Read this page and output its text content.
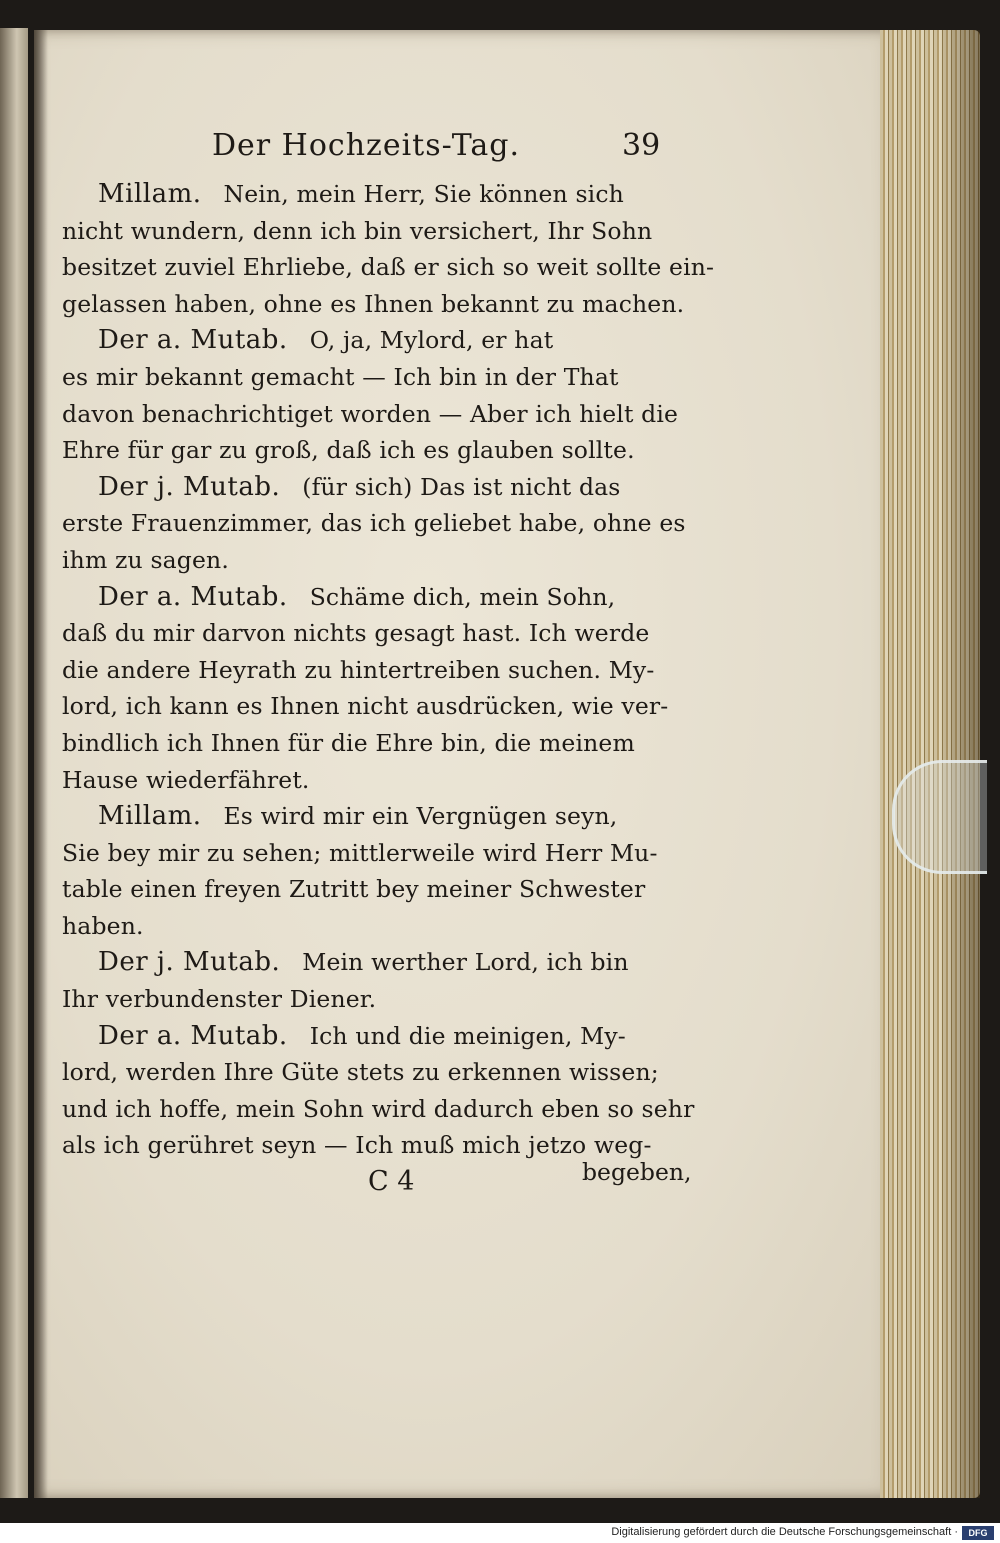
Der Hochzeits-Tag.	39

Millam. Nein, mein Herr, Sie können sich
nicht wundern, denn ich bin versichert, Ihr Sohn
besitzet zuviel Ehrliebe, daß er sich so weit sollte ein-
gelassen haben, ohne es Ihnen bekannt zu machen.

Der a. Mutab. O, ja, Mylord, er hat
es mir bekannt gemacht — Ich bin in der That
davon benachrichtiget worden — Aber ich hielt die
Ehre für gar zu groß, daß ich es glauben sollte.

Der j. Mutab. (für sich) Das ist nicht das
erste Frauenzimmer, das ich geliebet habe, ohne es
ihm zu sagen.

Der a. Mutab. Schäme dich, mein Sohn,
daß du mir darvon nichts gesagt hast. Ich werde
die andere Heyrath zu hintertreiben suchen. My-
lord, ich kann es Ihnen nicht ausdrücken, wie ver-
bindlich ich Ihnen für die Ehre bin, die meinem
Hause wiederfähret.

Millam. Es wird mir ein Vergnügen seyn,
Sie bey mir zu sehen; mittlerweile wird Herr Mu-
table einen freyen Zutritt bey meiner Schwester
haben.

Der j. Mutab. Mein werther Lord, ich bin
Ihr verbundenster Diener.

Der a. Mutab. Ich und die meinigen, My-
lord, werden Ihre Güte stets zu erkennen wissen;
und ich hoffe, mein Sohn wird dadurch eben so sehr
als ich gerühret seyn — Ich muß mich jetzo weg-

C 4	begeben,
Digitalisierung gefördert durch die Deutsche Forschungsgemeinschaft ·	DFG
